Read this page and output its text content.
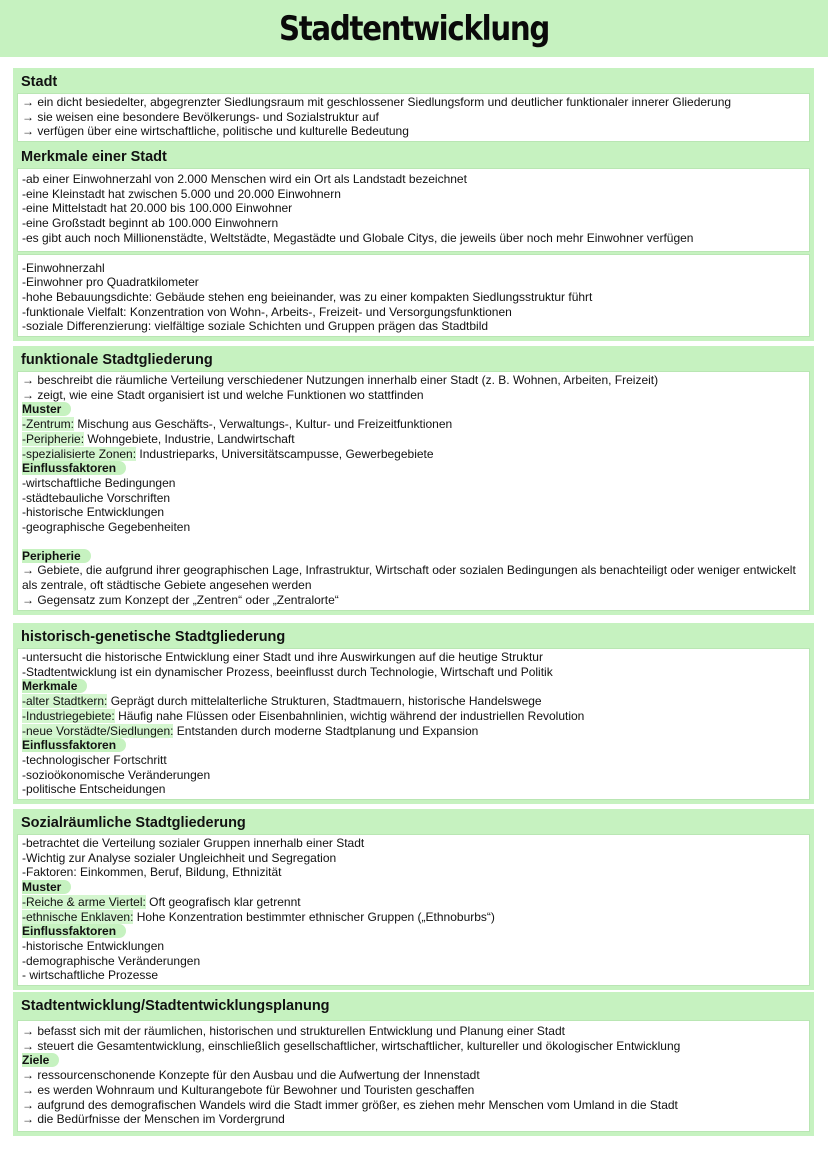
Stadtentwicklung
Stadt
→ ein dicht besiedelter, abgegrenzter Siedlungsraum mit geschlossener Siedlungsform und deutlicher funktionaler innerer Gliederung
→ sie weisen eine besondere Bevölkerungs- und Sozialstruktur auf
→ verfügen über eine wirtschaftliche, politische und kulturelle Bedeutung
Merkmale einer Stadt
-ab einer Einwohnerzahl von 2.000 Menschen wird ein Ort als Landstadt bezeichnet
-eine Kleinstadt hat zwischen 5.000 und 20.000 Einwohnern
-eine Mittelstadt hat 20.000 bis 100.000 Einwohner
-eine Großstadt beginnt ab 100.000 Einwohnern
-es gibt auch noch Millionenstädte, Weltstädte, Megastädte und Globale Citys, die jeweils über noch mehr Einwohner verfügen
-Einwohnerzahl
-Einwohner pro Quadratkilometer
-hohe Bebauungsdichte: Gebäude stehen eng beieinander, was zu einer kompakten Siedlungsstruktur führt
-funktionale Vielfalt: Konzentration von Wohn-, Arbeits-, Freizeit- und Versorgungsfunktionen
-soziale Differenzierung: vielfältige soziale Schichten und Gruppen prägen das Stadtbild
funktionale Stadtgliederung
→ beschreibt die räumliche Verteilung verschiedener Nutzungen innerhalb einer Stadt (z. B. Wohnen, Arbeiten, Freizeit)
→ zeigt, wie eine Stadt organisiert ist und welche Funktionen wo stattfinden
Muster
-Zentrum: Mischung aus Geschäfts-, Verwaltungs-, Kultur- und Freizeitfunktionen
-Peripherie: Wohngebiete, Industrie, Landwirtschaft
-spezialisierte Zonen: Industrieparks, Universitätscampusse, Gewerbegebiete
Einflussfaktoren
-wirtschaftliche Bedingungen
-städtebauliche Vorschriften
-historische Entwicklungen
-geographische Gegebenheiten
Peripherie
→ Gebiete, die aufgrund ihrer geographischen Lage, Infrastruktur, Wirtschaft oder sozialen Bedingungen als benachteiligt oder weniger entwickelt als zentrale, oft städtische Gebiete angesehen werden
→ Gegensatz zum Konzept der „Zentren“ oder „Zentralorte“
historisch-genetische Stadtgliederung
-untersucht die historische Entwicklung einer Stadt und ihre Auswirkungen auf die heutige Struktur
-Stadtentwicklung ist ein dynamischer Prozess, beeinflusst durch Technologie, Wirtschaft und Politik
Merkmale
-alter Stadtkern: Geprägt durch mittelalterliche Strukturen, Stadtmauern, historische Handelswege
-Industriegebiete: Häufig nahe Flüssen oder Eisenbahnlinien, wichtig während der industriellen Revolution
-neue Vorstädte/Siedlungen: Entstanden durch moderne Stadtplanung und Expansion
Einflussfaktoren
-technologischer Fortschritt
-sozioökonomische Veränderungen
-politische Entscheidungen
Sozialräumliche Stadtgliederung
-betrachtet die Verteilung sozialer Gruppen innerhalb einer Stadt
-Wichtig zur Analyse sozialer Ungleichheit und Segregation
-Faktoren: Einkommen, Beruf, Bildung, Ethnizität
Muster
-Reiche & arme Viertel: Oft geografisch klar getrennt
-ethnische Enklaven: Hohe Konzentration bestimmter ethnischer Gruppen („Ethnoburbs“)
Einflussfaktoren
-historische Entwicklungen
-demographische Veränderungen
- wirtschaftliche Prozesse
Stadtentwicklung/Stadtentwicklungsplanung
→ befasst sich mit der räumlichen, historischen und strukturellen Entwicklung und Planung einer Stadt
→ steuert die Gesamtentwicklung, einschließlich gesellschaftlicher, wirtschaftlicher, kultureller und ökologischer Entwicklung
Ziele
→ ressourcenschonende Konzepte für den Ausbau und die Aufwertung der Innenstadt
→ es werden Wohnraum und Kulturangebote für Bewohner und Touristen geschaffen
→ aufgrund des demografischen Wandels wird die Stadt immer größer, es ziehen mehr Menschen vom Umland in die Stadt
→ die Bedürfnisse der Menschen im Vordergrund
